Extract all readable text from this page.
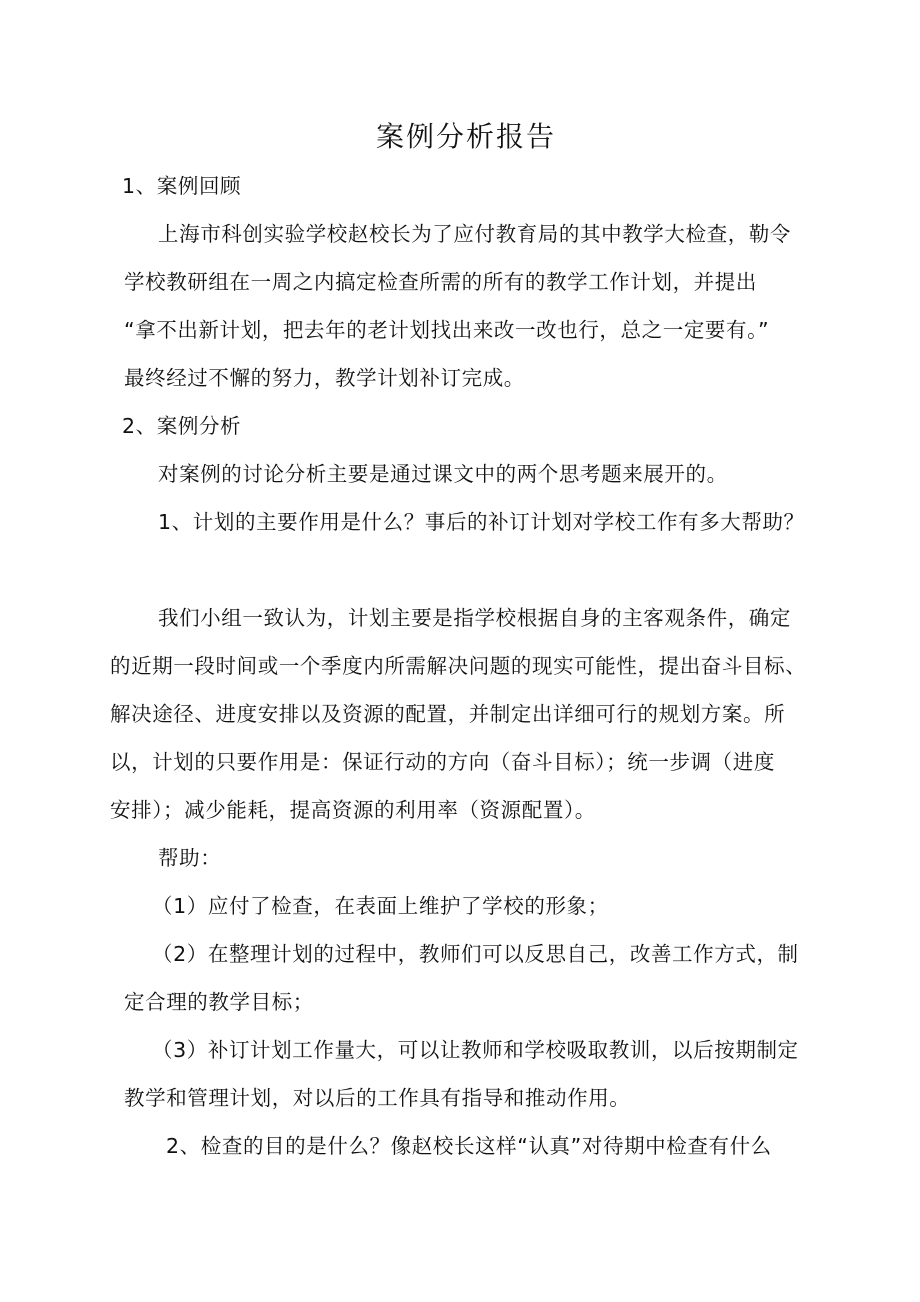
案例分析报告
1、案例回顾
上海市科创实验学校赵校长为了应付教育局的其中教学大检查，勒令
学校教研组在一周之内搞定检查所需的所有的教学工作计划，并提出
“拿不出新计划，把去年的老计划找出来改一改也行，总之一定要有。”
最终经过不懈的努力，教学计划补订完成。
2、案例分析
对案例的讨论分析主要是通过课文中的两个思考题来展开的。
1、计划的主要作用是什么？事后的补订计划对学校工作有多大帮助？
我们小组一致认为，计划主要是指学校根据自身的主客观条件，确定
的近期一段时间或一个季度内所需解决问题的现实可能性，提出奋斗目标、
解决途径、进度安排以及资源的配置，并制定出详细可行的规划方案。所
以，计划的只要作用是：保证行动的方向（奋斗目标）；统一步调（进度
安排）；减少能耗，提高资源的利用率（资源配置）。
帮助：
（1）应付了检查，在表面上维护了学校的形象；
（2）在整理计划的过程中，教师们可以反思自己，改善工作方式，制
定合理的教学目标；
（3）补订计划工作量大，可以让教师和学校吸取教训，以后按期制定
教学和管理计划，对以后的工作具有指导和推动作用。
2、检查的目的是什么？像赵校长这样“认真”对待期中检查有什么
